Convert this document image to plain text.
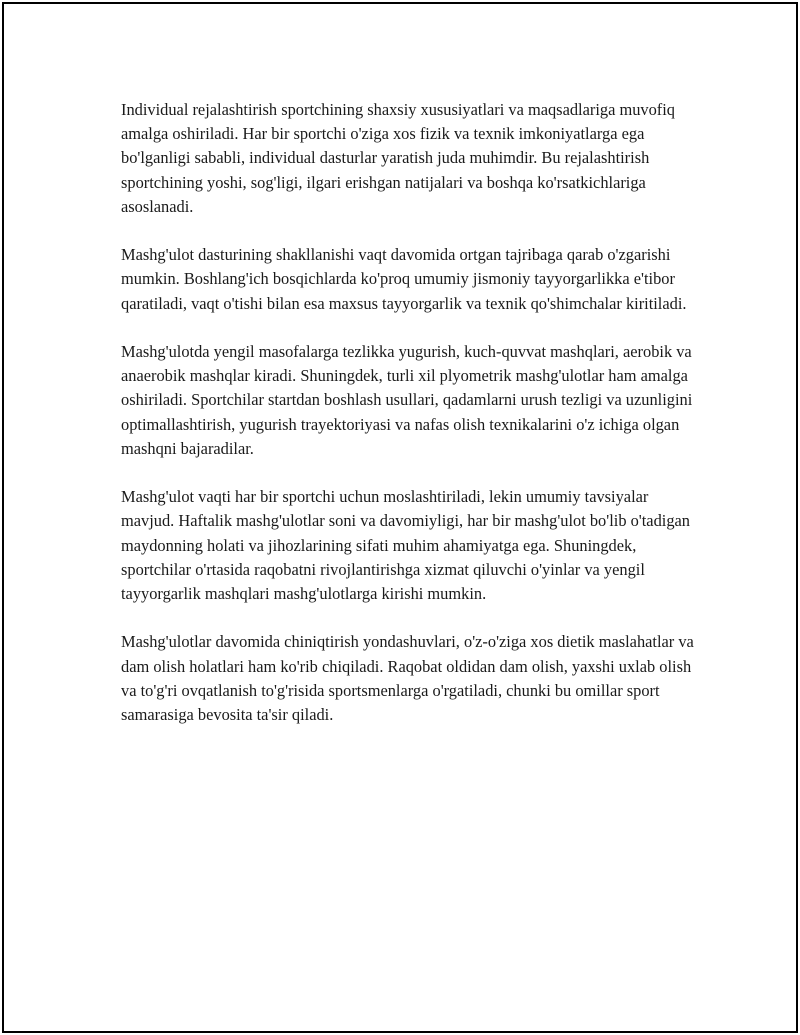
Individual rejalashtirish sportchining shaxsiy xususiyatlari va maqsadlariga muvofiq amalga oshiriladi. Har bir sportchi o'ziga xos fizik va texnik imkoniyatlarga ega bo'lganligi sababli, individual dasturlar yaratish juda muhimdir. Bu rejalashtirish sportchining yoshi, sog'ligi, ilgari erishgan natijalari va boshqa ko'rsatkichlariga asoslanadi.

Mashg'ulot dasturining shakllanishi vaqt davomida ortgan tajribaga qarab o'zgarishi mumkin. Boshlang'ich bosqichlarda ko'proq umumiy jismoniy tayyorgarlikka e'tibor qaratiladi, vaqt o'tishi bilan esa maxsus tayyorgarlik va texnik qo'shimchalar kiritiladi.

Mashg'ulotda yengil masofalarga tezlikka yugurish, kuch-quvvat mashqlari, aerobik va anaerobik mashqlar kiradi. Shuningdek, turli xil plyometrik mashg'ulotlar ham amalga oshiriladi. Sportchilar startdan boshlash usullari, qadamlarni urush tezligi va uzunligini optimallashtirish, yugurish trayektoriyasi va nafas olish texnikalarini o'z ichiga olgan mashqni bajaradilar.

Mashg'ulot vaqti har bir sportchi uchun moslashtiriladi, lekin umumiy tavsiyalar mavjud. Haftalik mashg'ulotlar soni va davomiyligi, har bir mashg'ulot bo'lib o'tadigan maydonning holati va jihozlarining sifati muhim ahamiyatga ega. Shuningdek, sportchilar o'rtasida raqobatni rivojlantirishga xizmat qiluvchi o'yinlar va yengil tayyorgarlik mashqlari mashg'ulotlarga kirishi mumkin.

Mashg'ulotlar davomida chiniqtirish yondashuvlari, o'z-o'ziga xos dietik maslahatlar va dam olish holatlari ham ko'rib chiqiladi. Raqobat oldidan dam olish, yaxshi uxlab olish va to'g'ri ovqatlanish to'g'risida sportsmenlarga o'rgatiladi, chunki bu omillar sport samarasiga bevosita ta'sir qiladi.
